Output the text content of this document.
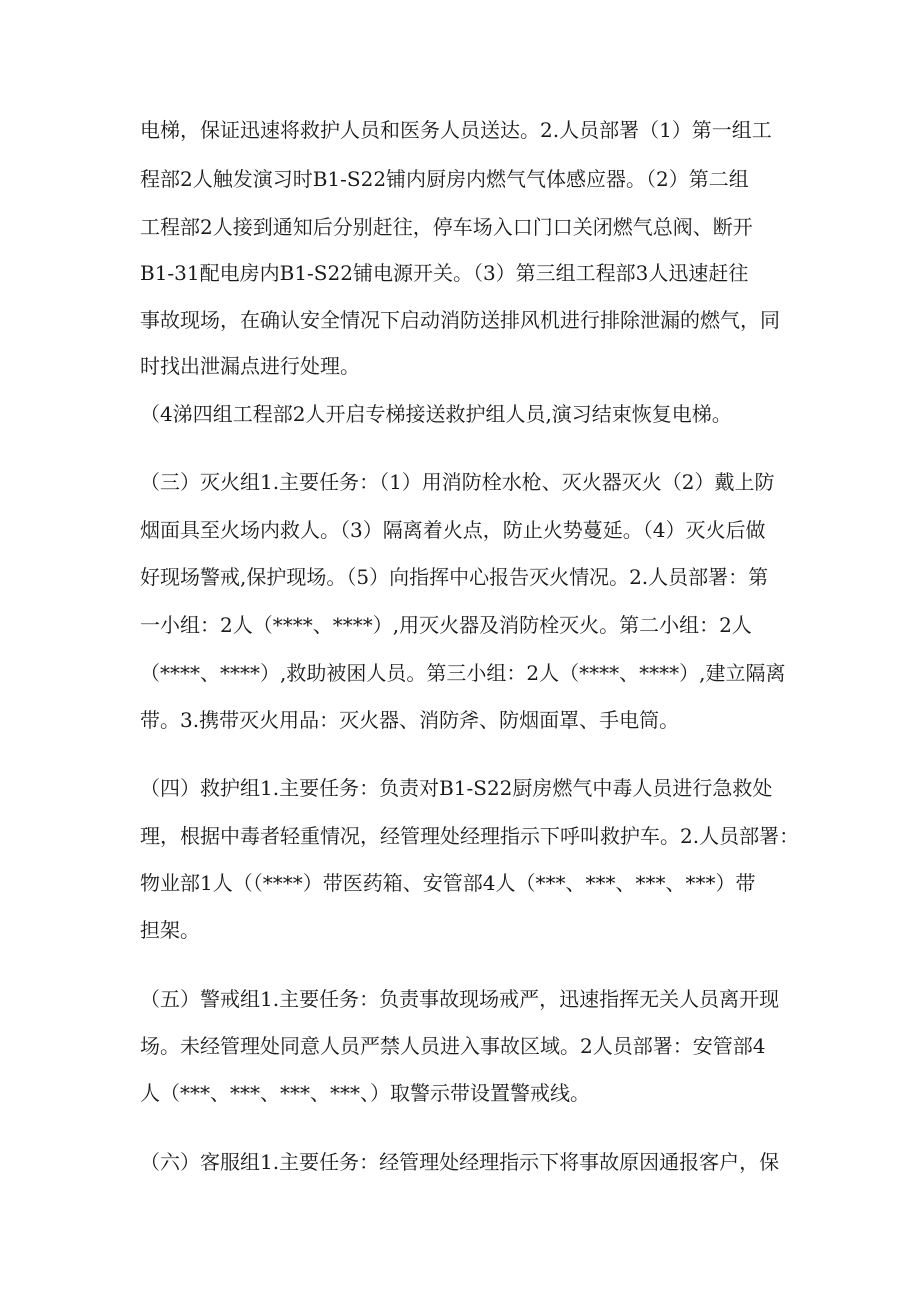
电梯，保证迅速将救护人员和医务人员送达。2.人员部署（1）第一组工
程部2人触发演习时B1-S22铺内厨房内燃气气体感应器。（2）第二组
工程部2人接到通知后分别赶往，停车场入口门口关闭燃气总阀、断开
B1-31配电房内B1-S22铺电源开关。（3）第三组工程部3人迅速赶往
事故现场，在确认安全情况下启动消防送排风机进行排除泄漏的燃气，同
时找出泄漏点进行处理。
（4涕四组工程部2人开启专梯接送救护组人员,演习结束恢复电梯。
（三）灭火组1.主要任务：（1）用消防栓水枪、灭火器灭火（2）戴上防
烟面具至火场内救人。（3）隔离着火点，防止火势蔓延。（4）灭火后做
好现场警戒,保护现场。（5）向指挥中心报告灭火情况。2.人员部署：第
一小组：2人（****、****）,用灭火器及消防栓灭火。第二小组：2人
（****、****）,救助被困人员。第三小组：2人（****、****）,建立隔离
带。3.携带灭火用品：灭火器、消防斧、防烟面罩、手电筒。
（四）救护组1.主要任务：负责对B1-S22厨房燃气中毒人员进行急救处
理，根据中毒者轻重情况，经管理处经理指示下呼叫救护车。2.人员部署：
物业部1人（（****）带医药箱、安管部4人（***、***、***、***）带
担架。
（五）警戒组1.主要任务：负责事故现场戒严，迅速指挥无关人员离开现
场。未经管理处同意人员严禁人员进入事故区域。2人员部署：安管部4
人（***、***、***、***、）取警示带设置警戒线。
（六）客服组1.主要任务：经管理处经理指示下将事故原因通报客户，保
